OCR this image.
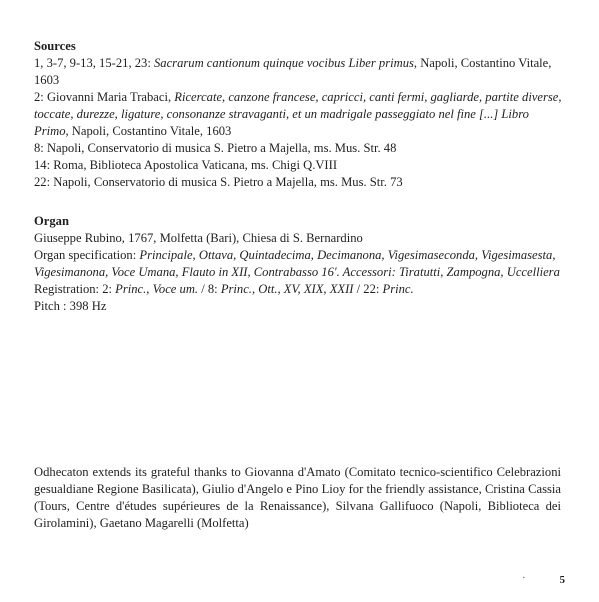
Sources

1, 3-7, 9-13, 15-21, 23: Sacrarum cantionum quinque vocibus Liber primus, Napoli, Costantino Vitale, 1603

2: Giovanni Maria Trabaci, Ricercate, canzone francese, capricci, canti fermi, gagliarde, partite diverse, toccate, durezze, ligature, consonanze stravaganti, et un madrigale passeggiato nel fine [...] Libro Primo, Napoli, Costantino Vitale, 1603

8: Napoli, Conservatorio di musica S. Pietro a Majella, ms. Mus. Str. 48

14: Roma, Biblioteca Apostolica Vaticana, ms. Chigi Q.VIII

22: Napoli, Conservatorio di musica S. Pietro a Majella, ms. Mus. Str. 73

Organ

Giuseppe Rubino, 1767, Molfetta (Bari), Chiesa di S. Bernardino

Organ specification: Principale, Ottava, Quintadecima, Decimanona, Vigesimaseconda, Vigesimasesta, Vigesimanona, Voce Umana, Flauto in XII, Contrabasso 16'. Accessori: Tiratutti, Zampogna, Uccelliera

Registration: 2: Princ., Voce um. / 8: Princ., Ott., XV, XIX, XXII / 22: Princ.

Pitch : 398 Hz

Odhecaton extends its grateful thanks to Giovanna d'Amato (Comitato tecnico-scientifico Celebrazioni gesualdiane Regione Basilicata), Giulio d'Angelo e Pino Lioy for the friendly assistance, Cristina Cassia (Tours, Centre d'études supérieures de la Renaissance), Silvana Gallifuoco (Napoli, Biblioteca dei Girolamini), Gaetano Magarelli (Molfetta)

·	5
